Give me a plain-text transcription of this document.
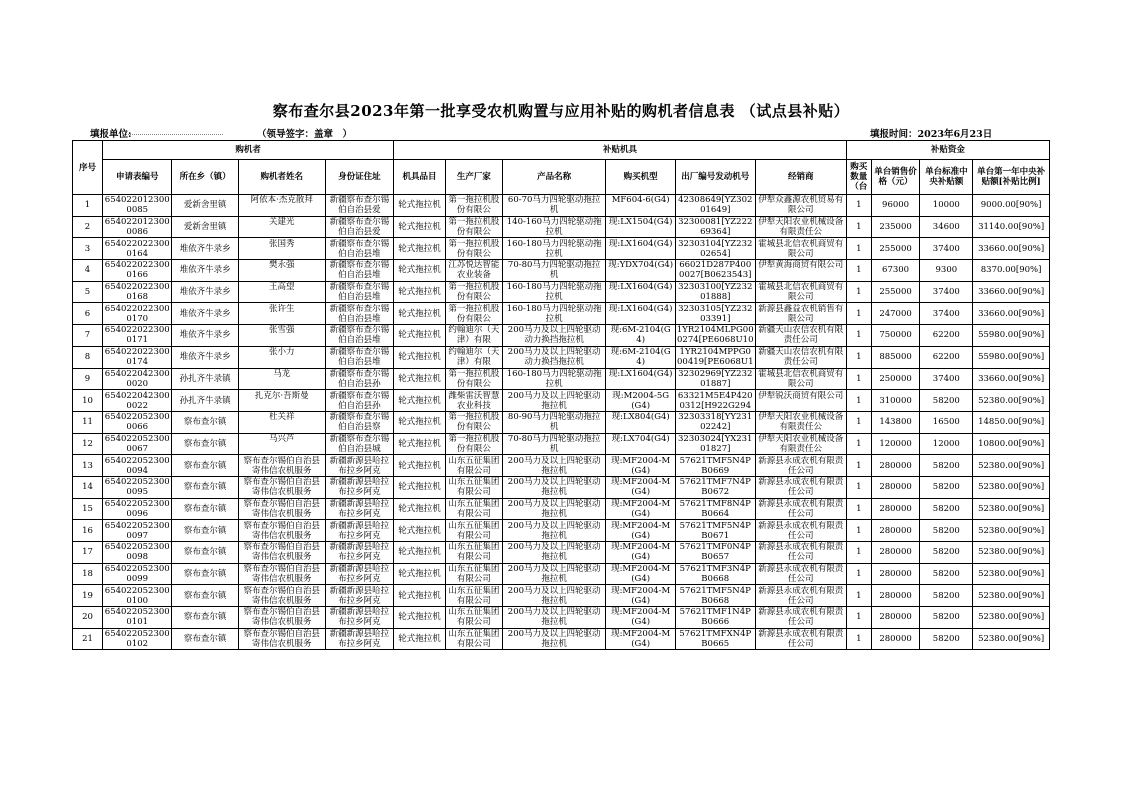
察布查尔县2023年第一批享受农机购置与应用补贴的购机者信息表 （试点县补贴）
填报单位:	（领导签字：盖章　）	填报时间：2023年6月23日
序号	购机者				补贴机具						补贴资金			
	申请表编号	所在乡（镇）	购机者姓名	身份证住址	机具品目	生产厂家	产品名称	购买机型	出厂编号发动机号	经销商	购买数量（台	单台销售价格（元）	单台标准中央补贴额	单台第一年中央补贴额[补贴比例]
1	6540220123000085	爱新舍里镇	阿依本·杰克散拜	新疆察布查尔锡伯自治县爱	轮式拖拉机	第一拖拉机股份有限公	60-70马力四轮驱动拖拉机	MF604-6(G4)	42308649[YZ30201649]	伊犁众鑫源农机贸易有限公司	1	96000	10000	9000.00[90%]
2	6540220123000086	爱新舍里镇	关建光	新疆察布查尔锡伯自治县爱	轮式拖拉机	第一拖拉机股份有限公	140-160马力四轮驱动拖拉机	现:LX1504(G4)	32300081[YZ22269364]	伊犁天阳农业机械设备有限责任公	1	235000	34600	31140.00[90%]
3	6540220223000164	堆依齐牛录乡	张国秀	新疆察布查尔锡伯自治县堆	轮式拖拉机	第一拖拉机股份有限公	160-180马力四轮驱动拖拉机	现:LX1604(G4)	32303104[YZ23202654]	霍城县北信农机商贸有限公司	1	255000	37400	33660.00[90%]
4	6540220223000166	堆依齐牛录乡	樊永强	新疆察布查尔锡伯自治县堆	轮式拖拉机	江苏悦达智能农业装备	70-80马力四轮驱动拖拉机	现:YDX704(G4)	66021D287P4000027[B0623543]	伊犁黄海商贸有限公司	1	67300	9300	8370.00[90%]
5	6540220223000168	堆依齐牛录乡	王高望	新疆察布查尔锡伯自治县堆	轮式拖拉机	第一拖拉机股份有限公	160-180马力四轮驱动拖拉机	现:LX1604(G4)	32303100[YZ23201888]	霍城县北信农机商贸有限公司	1	255000	37400	33660.00[90%]
6	6540220223000170	堆依齐牛录乡	张许生	新疆察布查尔锡伯自治县堆	轮式拖拉机	第一拖拉机股份有限公	160-180马力四轮驱动拖拉机	现:LX1604(G4)	32303105[YZ23203391]	新源县鑫益农机销售有限公司	1	247000	37400	33660.00[90%]
7	6540220223000171	堆依齐牛录乡	张雪强	新疆察布查尔锡伯自治县堆	轮式拖拉机	约翰迪尔（天津）有限	200马力及以上四轮驱动动力换挡拖拉机	现:6M-2104(G4)	1YR2104MLPG000274[PE6068U10	新疆天山农信农机有限责任公司	1	750000	62200	55980.00[90%]
8	6540220223000174	堆依齐牛录乡	张小力	新疆察布查尔锡伯自治县堆	轮式拖拉机	约翰迪尔（天津）有限	200马力及以上四轮驱动动力换挡拖拉机	现:6M-2104(G4)	1YR2104MPPG000419[PE6068U1	新疆天山农信农机有限责任公司	1	885000	62200	55980.00[90%]
9	6540220423000020	孙扎齐牛录镇	马龙	新疆察布查尔锡伯自治县孙	轮式拖拉机	第一拖拉机股份有限公	160-180马力四轮驱动拖拉机	现:LX1604(G4)	32302969[YZ23201887]	霍城县北信农机商贸有限公司	1	250000	37400	33660.00[90%]
10	6540220423000022	孙扎齐牛录镇	扎克尔·吾斯曼	新疆察布查尔锡伯自治县孙	轮式拖拉机	潍柴雷沃智慧农业科技	200马力及以上四轮驱动拖拉机	现:M2004-5G(G4)	63321M5E4P4200312[H922G294	伊犁锐沃商贸有限公司	1	310000	58200	52380.00[90%]
11	6540220523000066	察布查尔镇	杜关祥	新疆察布查尔锡伯自治县察	轮式拖拉机	第一拖拉机股份有限公	80-90马力四轮驱动拖拉机	现:LX804(G4)	32303318[YY23102242]	伊犁天阳农业机械设备有限责任公	1	143800	16500	14850.00[90%]
12	6540220523000067	察布查尔镇	马兴芦	新疆察布查尔锡伯自治县城	轮式拖拉机	第一拖拉机股份有限公	70-80马力四轮驱动拖拉机	现:LX704(G4)	32303024[YX23101827]	伊犁天阳农业机械设备有限责任公	1	120000	12000	10800.00[90%]
13	6540220523000094	察布查尔镇	察布查尔锡伯自治县寄伟信农机服务	新疆新源县哈拉布拉乡阿克	轮式拖拉机	山东五征集团有限公司	200马力及以上四轮驱动拖拉机	现:MF2004-M(G4)	57621TMF5N4PB0669	新源县永成农机有限责任公司	1	280000	58200	52380.00[90%]
14	6540220523000095	察布查尔镇	察布查尔锡伯自治县寄伟信农机服务	新疆新源县哈拉布拉乡阿克	轮式拖拉机	山东五征集团有限公司	200马力及以上四轮驱动拖拉机	现:MF2004-M(G4)	57621TMF7N4PB0672	新源县永成农机有限责任公司	1	280000	58200	52380.00[90%]
15	6540220523000096	察布查尔镇	察布查尔锡伯自治县寄伟信农机服务	新疆新源县哈拉布拉乡阿克	轮式拖拉机	山东五征集团有限公司	200马力及以上四轮驱动拖拉机	现:MF2004-M(G4)	57621TMF8N4PB0664	新源县永成农机有限责任公司	1	280000	58200	52380.00[90%]
16	6540220523000097	察布查尔镇	察布查尔锡伯自治县寄伟信农机服务	新疆新源县哈拉布拉乡阿克	轮式拖拉机	山东五征集团有限公司	200马力及以上四轮驱动拖拉机	现:MF2004-M(G4)	57621TMF5N4PB0671	新源县永成农机有限责任公司	1	280000	58200	52380.00[90%]
17	6540220523000098	察布查尔镇	察布查尔锡伯自治县寄伟信农机服务	新疆新源县哈拉布拉乡阿克	轮式拖拉机	山东五征集团有限公司	200马力及以上四轮驱动拖拉机	现:MF2004-M(G4)	57621TMF0N4PB0657	新源县永成农机有限责任公司	1	280000	58200	52380.00[90%]
18	6540220523000099	察布查尔镇	察布查尔锡伯自治县寄伟信农机服务	新疆新源县哈拉布拉乡阿克	轮式拖拉机	山东五征集团有限公司	200马力及以上四轮驱动拖拉机	现:MF2004-M(G4)	57621TMF3N4PB0668	新源县永成农机有限责任公司	1	280000	58200	52380.00[90%]
19	6540220523000100	察布查尔镇	察布查尔锡伯自治县寄伟信农机服务	新疆新源县哈拉布拉乡阿克	轮式拖拉机	山东五征集团有限公司	200马力及以上四轮驱动拖拉机	现:MF2004-M(G4)	57621TMF5N4PB0668	新源县永成农机有限责任公司	1	280000	58200	52380.00[90%]
20	6540220523000101	察布查尔镇	察布查尔锡伯自治县寄伟信农机服务	新疆新源县哈拉布拉乡阿克	轮式拖拉机	山东五征集团有限公司	200马力及以上四轮驱动拖拉机	现:MF2004-M(G4)	57621TMF1N4PB0666	新源县永成农机有限责任公司	1	280000	58200	52380.00[90%]
21	6540220523000102	察布查尔镇	察布查尔锡伯自治县寄伟信农机服务	新疆新源县哈拉布拉乡阿克	轮式拖拉机	山东五征集团有限公司	200马力及以上四轮驱动拖拉机	现:MF2004-M(G4)	57621TMFXN4PB0665	新源县永成农机有限责任公司	1	280000	58200	52380.00[90%]
